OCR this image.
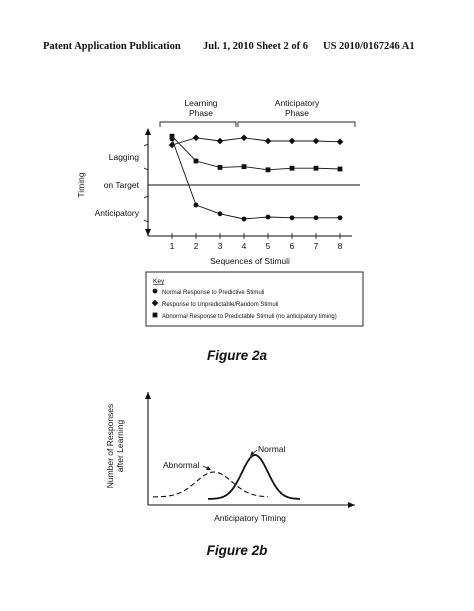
Patent Application Publication Jul. 1, 2010 Sheet 2 of 6 US 2010/0167246 A1
Learning Phase
Anticipatory Phase
Lagging
on Target
Anticipatory
1 2 3 4 5 6 7 8
Sequences of Stimuli
Timing
Key
Normal Response to Predictive Stimuli
Response to Unpredictable/Random Stimuli
Abnormal Response to Predictable Stimuli (no anticipatory timing)
Normal
Abnormal
Anticipatory Timing
Number of Responsesafter Learning
Figure 2a
Figure 2b
